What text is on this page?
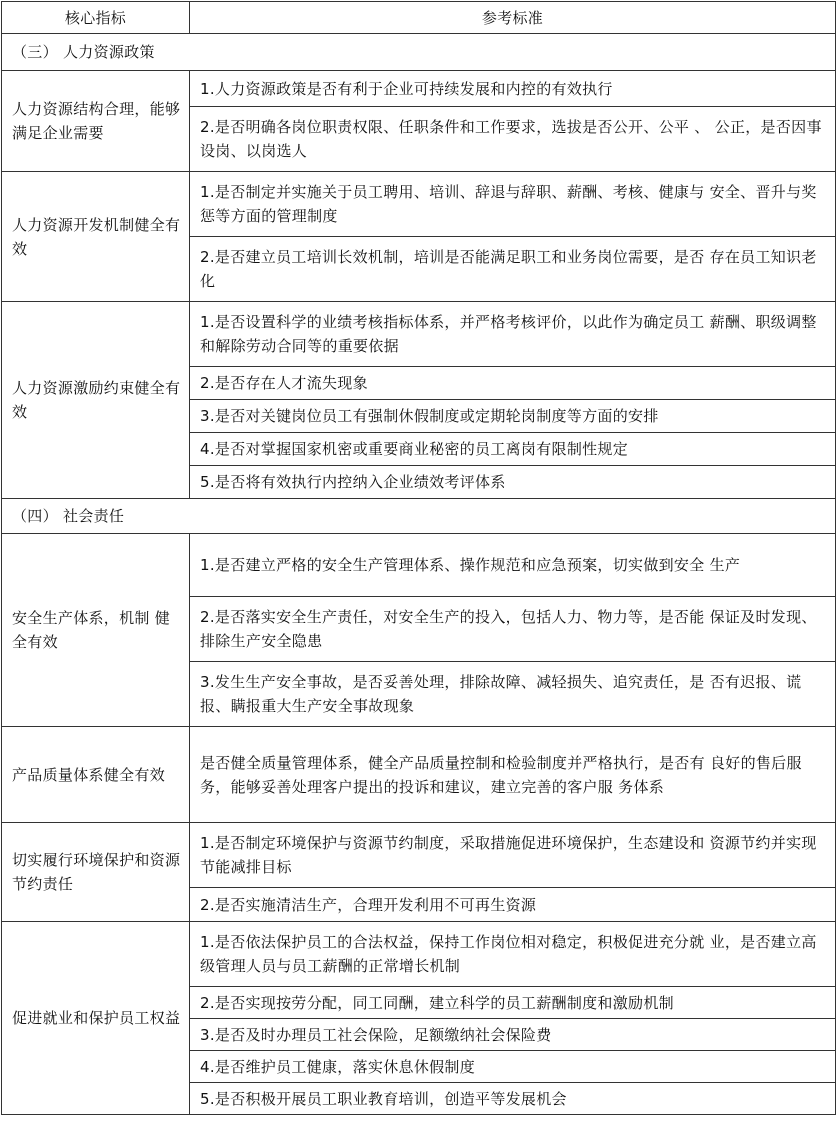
核心指标	参考标准
（三） 人力资源政策	
人力资源结构合理，能够满足企业需要	1.人力资源政策是否有利于企业可持续发展和内控的有效执行
	2.是否明确各岗位职责权限、任职条件和工作要求，选拔是否公开、公平 、 公正，是否因事设岗、以岗选人
人力资源开发机制健全有效	1.是否制定并实施关于员工聘用、培训、辞退与辞职、薪酬、考核、健康与 安全、晋升与奖惩等方面的管理制度
	2.是否建立员工培训长效机制，培训是否能满足职工和业务岗位需要，是否 存在员工知识老化
人力资源激励约束健全有效	1.是否设置科学的业绩考核指标体系，并严格考核评价，以此作为确定员工 薪酬、职级调整和解除劳动合同等的重要依据
	2.是否存在人才流失现象
	3.是否对关键岗位员工有强制休假制度或定期轮岗制度等方面的安排
	4.是否对掌握国家机密或重要商业秘密的员工离岗有限制性规定
	5.是否将有效执行内控纳入企业绩效考评体系
（四） 社会责任	
安全生产体系，机制 健全有效	1.是否建立严格的安全生产管理体系、操作规范和应急预案，切实做到安全 生产
	2.是否落实安全生产责任，对安全生产的投入，包括人力、物力等，是否能 保证及时发现、排除生产安全隐患
	3.发生生产安全事故，是否妥善处理，排除故障、减轻损失、追究责任，是 否有迟报、谎报、瞒报重大生产安全事故现象
产品质量体系健全有效	是否健全质量管理体系，健全产品质量控制和检验制度并严格执行，是否有 良好的售后服务，能够妥善处理客户提出的投诉和建议，建立完善的客户服 务体系
切实履行环境保护和资源节约责任	1.是否制定环境保护与资源节约制度，采取措施促进环境保护，生态建设和 资源节约并实现节能减排目标
	2.是否实施清洁生产，合理开发利用不可再生资源
促进就业和保护员工权益	1.是否依法保护员工的合法权益，保持工作岗位相对稳定，积极促进充分就 业，是否建立高级管理人员与员工薪酬的正常增长机制
	2.是否实现按劳分配，同工同酬，建立科学的员工薪酬制度和激励机制
	3.是否及时办理员工社会保险，足额缴纳社会保险费
	4.是否维护员工健康，落实休息休假制度
	5.是否积极开展员工职业教育培训，创造平等发展机会
